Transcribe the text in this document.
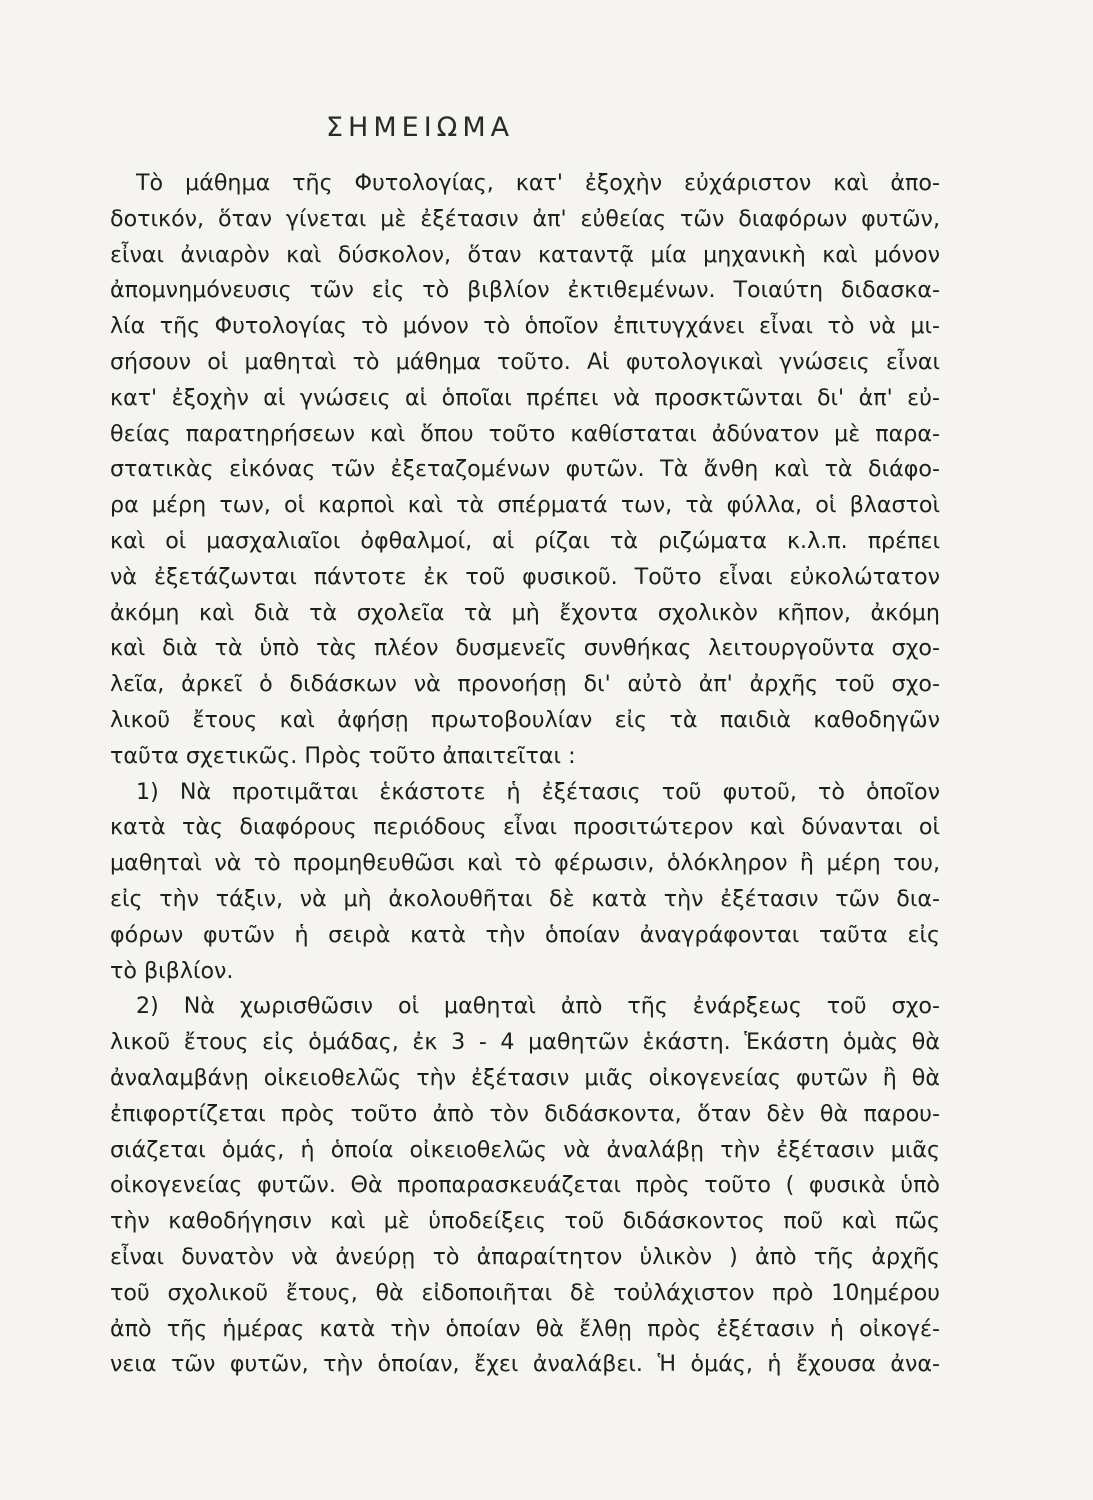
ΣΗΜΕΙΩΜΑ
Τὸ μάθημα τῆς Φυτολογίας, κατ' ἐξοχὴν εὐχάριστον καὶ ἀπο-
δοτικόν, ὅταν γίνεται μὲ ἐξέτασιν ἀπ' εὐθείας τῶν διαφόρων φυτῶν,
εἶναι ἀνιαρὸν καὶ δύσκολον, ὅταν καταντᾷ μία μηχανικὴ καὶ μόνον
ἀπομνημόνευσις τῶν εἰς τὸ βιβλίον ἐκτιθεμένων. Τοιαύτη διδασκα-
λία τῆς Φυτολογίας τὸ μόνον τὸ ὁποῖον ἐπιτυγχάνει εἶναι τὸ νὰ μι-
σήσουν οἱ μαθηταὶ τὸ μάθημα τοῦτο. Αἱ φυτολογικαὶ γνώσεις εἶναι
κατ' ἐξοχὴν αἱ γνώσεις αἱ ὁποῖαι πρέπει νὰ προσκτῶνται δι' ἀπ' εὐ-
θείας παρατηρήσεων καὶ ὅπου τοῦτο καθίσταται ἀδύνατον μὲ παρα-
στατικὰς εἰκόνας τῶν ἐξεταζομένων φυτῶν. Τὰ ἄνθη καὶ τὰ διάφο-
ρα μέρη των, οἱ καρποὶ καὶ τὰ σπέρματά των, τὰ φύλλα, οἱ βλαστοὶ
καὶ οἱ μασχαλιαῖοι ὀφθαλμοί, αἱ ρίζαι τὰ ριζώματα κ.λ.π. πρέπει
νὰ ἐξετάζωνται πάντοτε ἐκ τοῦ φυσικοῦ. Τοῦτο εἶναι εὐκολώτατον
ἀκόμη καὶ διὰ τὰ σχολεῖα τὰ μὴ ἔχοντα σχολικὸν κῆπον, ἀκόμη
καὶ διὰ τὰ ὑπὸ τὰς πλέον δυσμενεῖς συνθήκας λειτουργοῦντα σχο-
λεῖα, ἀρκεῖ ὁ διδάσκων νὰ προνοήσῃ δι' αὐτὸ ἀπ' ἀρχῆς τοῦ σχο-
λικοῦ ἔτους καὶ ἀφήσῃ πρωτοβουλίαν εἰς τὰ παιδιὰ καθοδηγῶν
ταῦτα σχετικῶς. Πρὸς τοῦτο ἀπαιτεῖται :
1) Νὰ προτιμᾶται ἑκάστοτε ἡ ἐξέτασις τοῦ φυτοῦ, τὸ ὁποῖον
κατὰ τὰς διαφόρους περιόδους εἶναι προσιτώτερον καὶ δύνανται οἱ
μαθηταὶ νὰ τὸ προμηθευθῶσι καὶ τὸ φέρωσιν, ὁλόκληρον ἢ μέρη του,
εἰς τὴν τάξιν, νὰ μὴ ἀκολουθῆται δὲ κατὰ τὴν ἐξέτασιν τῶν δια-
φόρων φυτῶν ἡ σειρὰ κατὰ τὴν ὁποίαν ἀναγράφονται ταῦτα εἰς
τὸ βιβλίον.
2) Νὰ χωρισθῶσιν οἱ μαθηταὶ ἀπὸ τῆς ἐνάρξεως τοῦ σχο-
λικοῦ ἔτους εἰς ὁμάδας, ἐκ 3 - 4 μαθητῶν ἑκάστη. Ἑκάστη ὁμὰς θὰ
ἀναλαμβάνῃ οἰκειοθελῶς τὴν ἐξέτασιν μιᾶς οἰκογενείας φυτῶν ἢ θὰ
ἐπιφορτίζεται πρὸς τοῦτο ἀπὸ τὸν διδάσκοντα, ὅταν δὲν θὰ παρου-
σιάζεται ὁμάς, ἡ ὁποία οἰκειοθελῶς νὰ ἀναλάβῃ τὴν ἐξέτασιν μιᾶς
οἰκογενείας φυτῶν. Θὰ προπαρασκευάζεται πρὸς τοῦτο ( φυσικὰ ὑπὸ
τὴν καθοδήγησιν καὶ μὲ ὑποδείξεις τοῦ διδάσκοντος ποῦ καὶ πῶς
εἶναι δυνατὸν νὰ ἀνεύρῃ τὸ ἀπαραίτητον ὑλικὸν ) ἀπὸ τῆς ἀρχῆς
τοῦ σχολικοῦ ἔτους, θὰ εἰδοποιῆται δὲ τοὐλάχιστον πρὸ 10ημέρου
ἀπὸ τῆς ἡμέρας κατὰ τὴν ὁποίαν θὰ ἔλθῃ πρὸς ἐξέτασιν ἡ οἰκογέ-
νεια τῶν φυτῶν, τὴν ὁποίαν, ἔχει ἀναλάβει. Ἡ ὁμάς, ἡ ἔχουσα ἀνα-
